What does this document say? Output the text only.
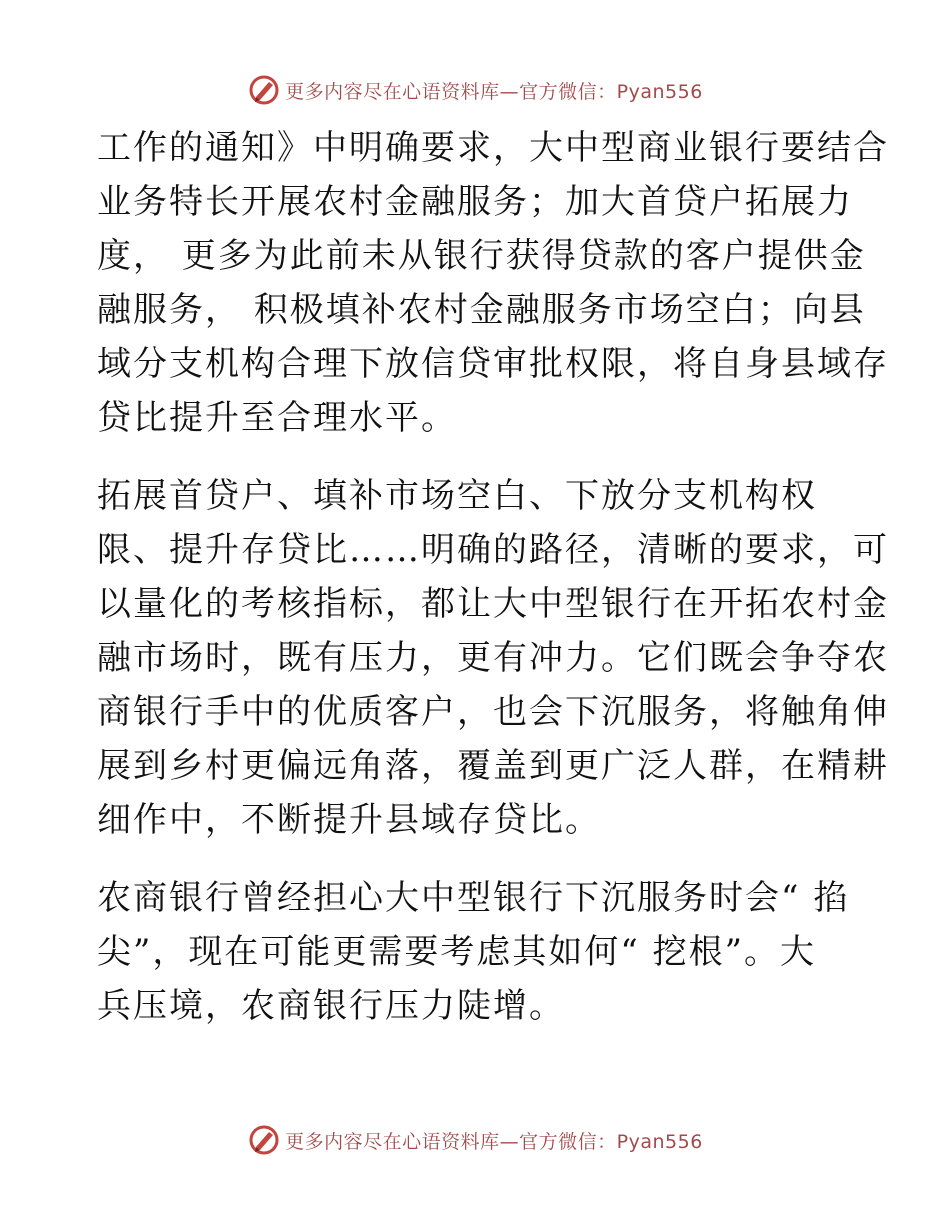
更多内容尽在心语资料库—官方微信：Pyan556
工作的通知》中明确要求，大中型商业银行要结合
业务特长开展农村金融服务；加大首贷户拓展力
度， 更多为此前未从银行获得贷款的客户提供金
融服务， 积极填补农村金融服务市场空白；向县
域分支机构合理下放信贷审批权限，将自身县域存
贷比提升至合理水平。
拓展首贷户、填补市场空白、下放分支机构权
限、提升存贷比……明确的路径，清晰的要求，可
以量化的考核指标，都让大中型银行在开拓农村金
融市场时，既有压力，更有冲力。它们既会争夺农
商银行手中的优质客户，也会下沉服务，将触角伸
展到乡村更偏远角落，覆盖到更广泛人群，在精耕
细作中，不断提升县域存贷比。
农商银行曾经担心大中型银行下沉服务时会“ 掐
尖”，现在可能更需要考虑其如何“ 挖根”。大
兵压境，农商银行压力陡增。
更多内容尽在心语资料库—官方微信：Pyan556
